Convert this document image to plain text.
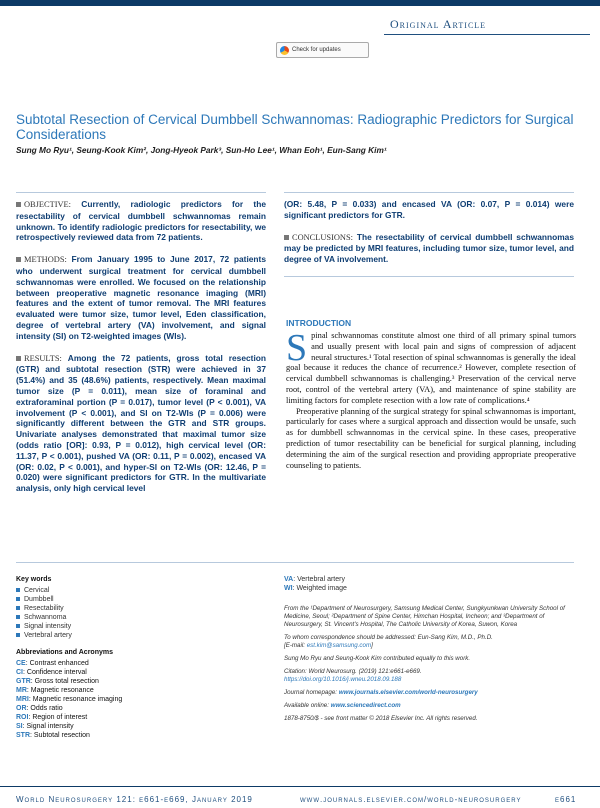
Original Article
Check for updates
Subtotal Resection of Cervical Dumbbell Schwannomas: Radiographic Predictors for Surgical Considerations
Sung Mo Ryu¹, Seung-Kook Kim², Jong-Hyeok Park³, Sun-Ho Lee¹, Whan Eoh¹, Eun-Sang Kim¹

OBJECTIVE: Currently, radiologic predictors for the resectability of cervical dumbbell schwannomas remain unknown. To identify radiologic predictors for resectability, we retrospectively reviewed data from 72 patients.

METHODS: From January 1995 to June 2017, 72 patients who underwent surgical treatment for cervical dumbbell schwannomas were enrolled. We focused on the relationship between preoperative magnetic resonance imaging (MRI) features and the extent of tumor removal. The MRI features evaluated were tumor size, tumor level, Eden classification, degree of vertebral artery (VA) involvement, and signal intensity (SI) on T2-weighted images (WIs).

RESULTS: Among the 72 patients, gross total resection (GTR) and subtotal resection (STR) were achieved in 37 (51.4%) and 35 (48.6%) patients, respectively. Mean maximal tumor size (P = 0.011), mean size of foraminal and extraforaminal portion (P = 0.017), tumor level (P < 0.001), VA involvement (P < 0.001), and SI on T2-WIs (P = 0.006) were significantly different between the GTR and STR groups. Univariate analyses demonstrated that maximal tumor size (odds ratio [OR]: 0.93, P = 0.012), high cervical level (OR: 11.37, P < 0.001), pushed VA (OR: 0.11, P = 0.002), encased VA (OR: 0.02, P < 0.001), and hyper-SI on T2-WIs (OR: 12.46, P = 0.020) were significant predictors for GTR. In the multivariate analysis, only high cervical level

(OR: 5.48, P = 0.033) and encased VA (OR: 0.07, P = 0.014) were significant predictors for GTR.

CONCLUSIONS: The resectability of cervical dumbbell schwannomas may be predicted by MRI features, including tumor size, tumor level, and degree of VA involvement.

INTRODUCTION

Spinal schwannomas constitute almost one third of all primary spinal tumors and usually present with local pain and signs of compression of adjacent neural structures.¹ Total resection of spinal schwannomas is generally the ideal goal because it reduces the chance of recurrence.² However, complete resection of cervical dumbbell schwannomas is challenging.³ Preservation of the cervical nerve root, control of the vertebral artery (VA), and maintenance of spine stability are limiting factors for complete resection with a low rate of complications.⁴

Preoperative planning of the surgical strategy for spinal schwannomas is important, particularly for cases where a surgical approach and dissection would be unsafe, such as for dumbbell schwannomas in the cervical spine. In these cases, preoperative prediction of tumor resectability can be beneficial for surgical planning, including determining the aim of the surgical resection and providing appropriate preoperative counseling to patients.

Key words
Cervical
Dumbbell
Resectability
Schwannoma
Signal intensity
Vertebral artery
Abbreviations and Acronyms
CE: Contrast enhanced
CI: Confidence interval
GTR: Gross total resection
MR: Magnetic resonance
MRI: Magnetic resonance imaging
OR: Odds ratio
ROI: Region of interest
SI: Signal intensity
STR: Subtotal resection
VA: Vertebral artery
WI: Weighted image

From the ¹Department of Neurosurgery, Samsung Medical Center, Sungkyunkwan University School of Medicine, Seoul; ²Department of Spine Center, Himchan Hospital, Incheon; and ³Department of Neurosurgery, St. Vincent's Hospital, The Catholic University of Korea, Suwon, Korea

To whom correspondence should be addressed: Eun-Sang Kim, M.D., Ph.D.
[E-mail: est.kim@samsung.com]

Sung Mo Ryu and Seung-Kook Kim contributed equally to this work.

Citation: World Neurosurg. (2019) 121:e661-e669.
https://doi.org/10.1016/j.wneu.2018.09.188

Journal homepage: www.journals.elsevier.com/world-neurosurgery

Available online: www.sciencedirect.com

1878-8750/$ - see front matter © 2018 Elsevier Inc. All rights reserved.

World Neurosurgery 121: e661-e669, January 2019	www.journals.elsevier.com/world-neurosurgery	e661
